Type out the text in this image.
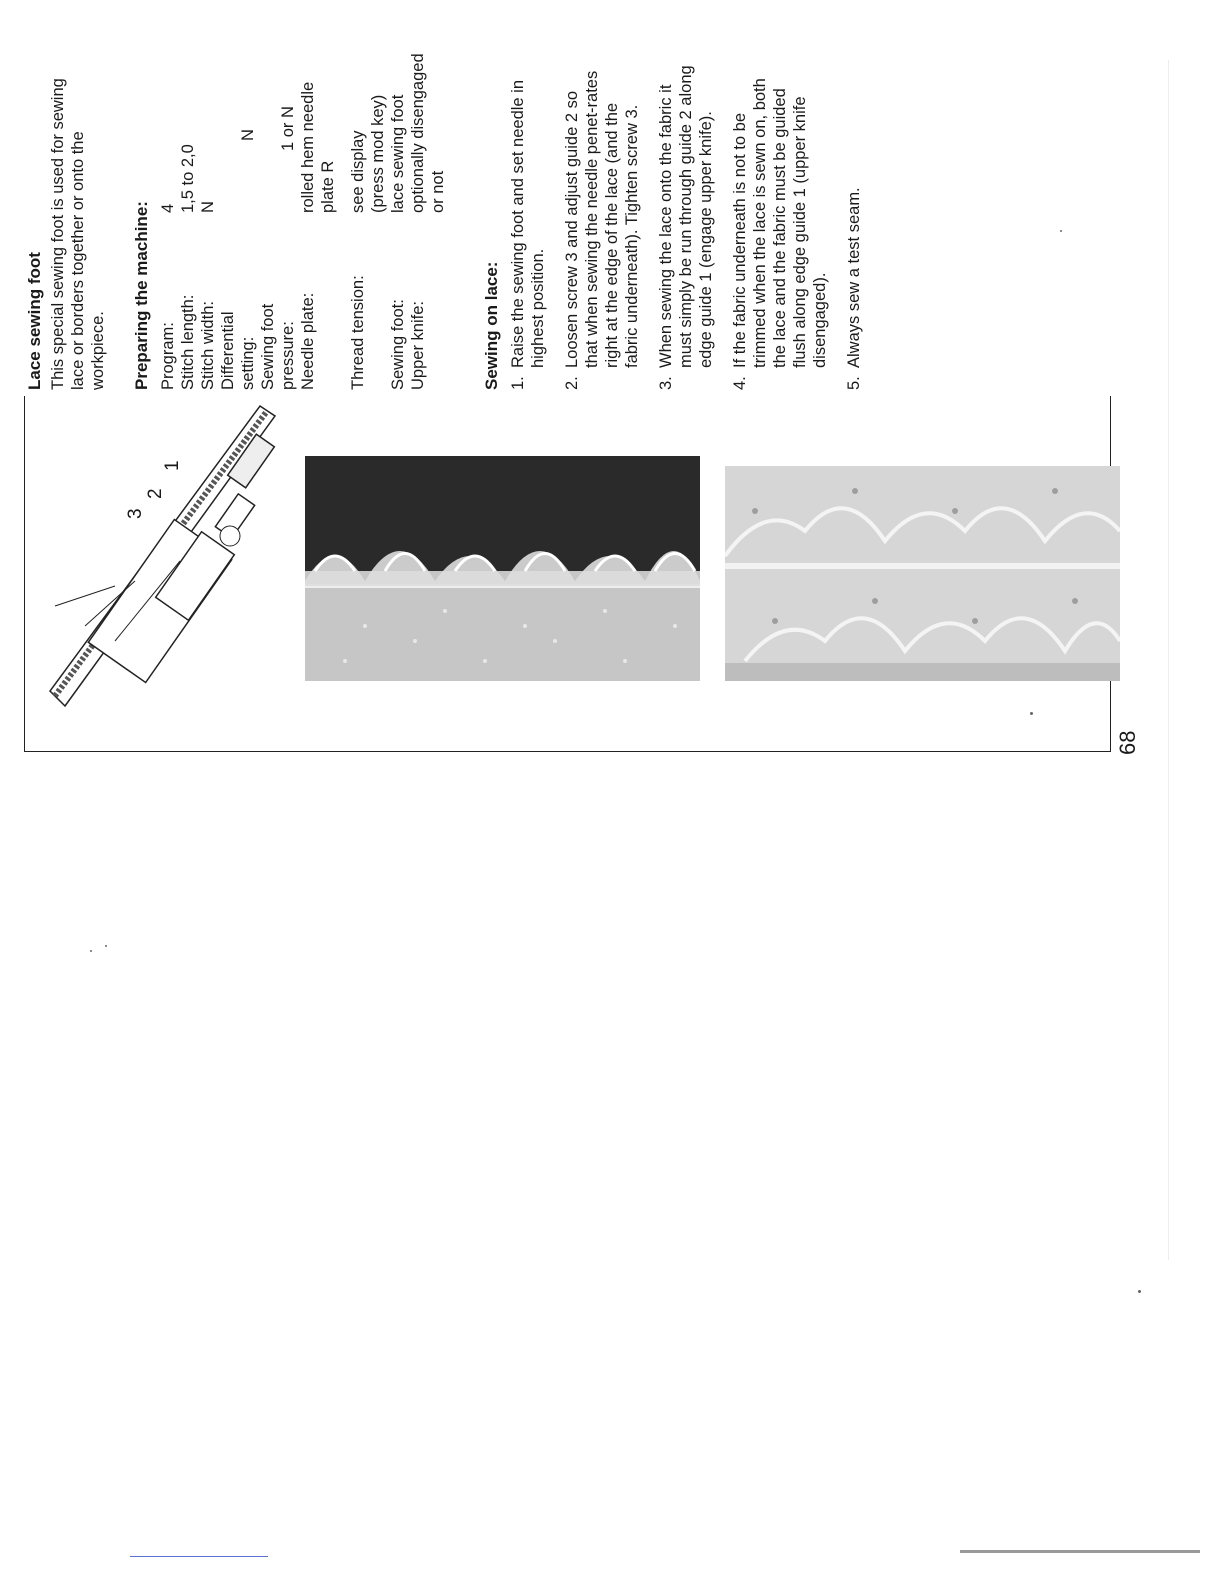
3
2
1
68
Lace sewing foot This special sewing foot is used for sewing lace or borders together or onto the workpiece. Preparing the machine: Program:	4
Stitch length:	1,5 to 2,0
Stitch width:	N
Differential	
setting:	N
Sewing foot	
pressure:	1 or N
Needle plate:	rolled hem needle
	plate R
Thread tension:	see display
	(press mod key)
Sewing foot:	lace sewing foot
Upper knife:	optionally disengaged
	or not
Sewing on lace: 1.
Raise the sewing foot and set needle in highest position.
2.
Loosen screw 3 and adjust guide 2 so that when sewing the needle penet-rates right at the edge of the lace (and the fabric underneath). Tighten screw 3.
3.
When sewing the lace onto the fabric it must simply be run through guide 2 along edge guide 1 (engage upper knife).
4.
If the fabric underneath is not to be trimmed when the lace is sewn on, both the lace and the fabric must be guided flush along edge guide 1 (upper knife disengaged).
5.
Always sew a test seam.
